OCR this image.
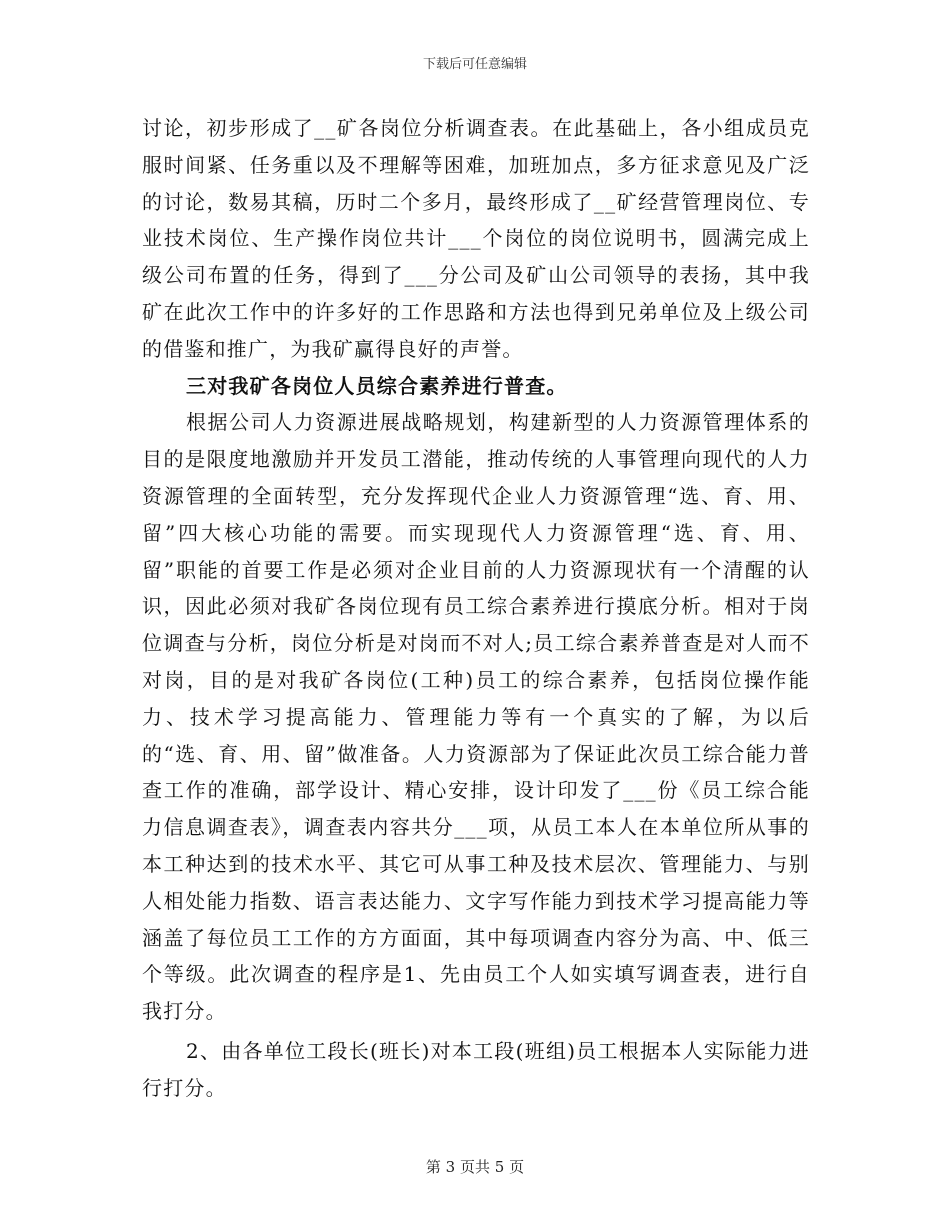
下载后可任意编辑

讨论，初步形成了__矿各岗位分析调查表。在此基础上，各小组成员克服时间紧、任务重以及不理解等困难，加班加点，多方征求意见及广泛的讨论，数易其稿，历时二个多月，最终形成了__矿经营管理岗位、专业技术岗位、生产操作岗位共计___个岗位的岗位说明书，圆满完成上级公司布置的任务，得到了___分公司及矿山公司领导的表扬，其中我矿在此次工作中的许多好的工作思路和方法也得到兄弟单位及上级公司的借鉴和推广，为我矿赢得良好的声誉。

三对我矿各岗位人员综合素养进行普查。

根据公司人力资源进展战略规划，构建新型的人力资源管理体系的目的是限度地激励并开发员工潜能，推动传统的人事管理向现代的人力资源管理的全面转型，充分发挥现代企业人力资源管理“选、育、用、留”四大核心功能的需要。而实现现代人力资源管理“选、育、用、留”职能的首要工作是必须对企业目前的人力资源现状有一个清醒的认识，因此必须对我矿各岗位现有员工综合素养进行摸底分析。相对于岗位调查与分析，岗位分析是对岗而不对人;员工综合素养普查是对人而不对岗，目的是对我矿各岗位(工种)员工的综合素养，包括岗位操作能力、技术学习提高能力、管理能力等有一个真实的了解，为以后的“选、育、用、留”做准备。人力资源部为了保证此次员工综合能力普查工作的准确，部学设计、精心安排，设计印发了___份《员工综合能力信息调查表》，调查表内容共分___项，从员工本人在本单位所从事的本工种达到的技术水平、其它可从事工种及技术层次、管理能力、与别人相处能力指数、语言表达能力、文字写作能力到技术学习提高能力等涵盖了每位员工工作的方方面面，其中每项调查内容分为高、中、低三个等级。此次调查的程序是1、先由员工个人如实填写调查表，进行自我打分。

2、由各单位工段长(班长)对本工段(班组)员工根据本人实际能力进行打分。

第 3 页共 5 页
